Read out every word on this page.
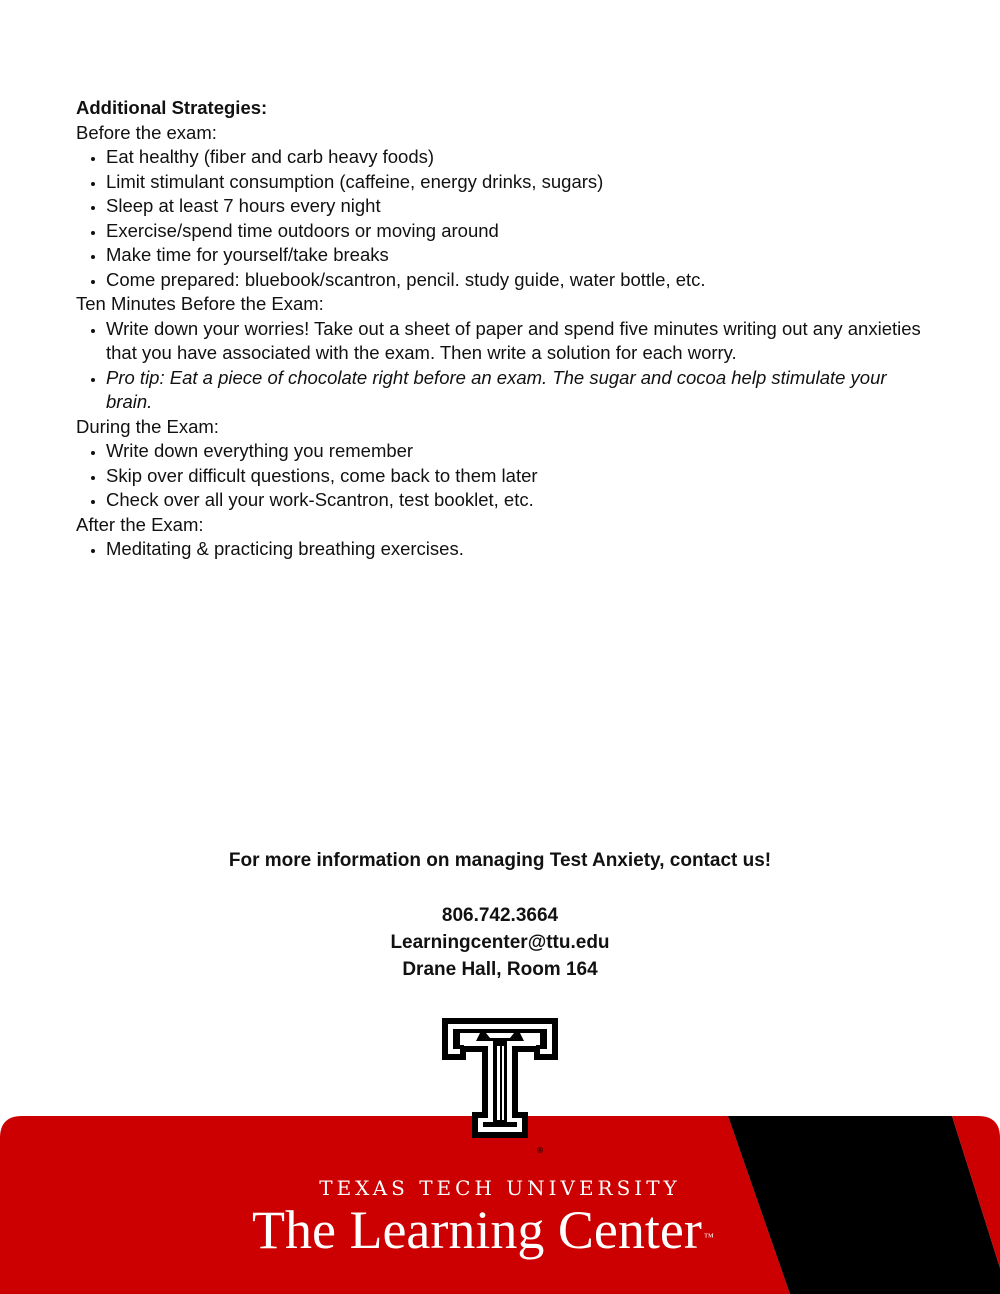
Additional Strategies:
Before the exam:
• Eat healthy (fiber and carb heavy foods)
• Limit stimulant consumption (caffeine, energy drinks, sugars)
• Sleep at least 7 hours every night
• Exercise/spend time outdoors or moving around
• Make time for yourself/take breaks
• Come prepared: bluebook/scantron, pencil. study guide, water bottle, etc.
Ten Minutes Before the Exam:
• Write down your worries! Take out a sheet of paper and spend five minutes writing out any anxieties that you have associated with the exam. Then write a solution for each worry.
• Pro tip: Eat a piece of chocolate right before an exam. The sugar and cocoa help stimulate your brain.
During the Exam:
• Write down everything you remember
• Skip over difficult questions, come back to them later
• Check over all your work-Scantron, test booklet, etc.
After the Exam:
• Meditating & practicing breathing exercises.
For more information on managing Test Anxiety, contact us!
806.742.3664
Learningcenter@ttu.edu
Drane Hall, Room 164
TEXAS TECH UNIVERSITY
The Learning Center ™
®
